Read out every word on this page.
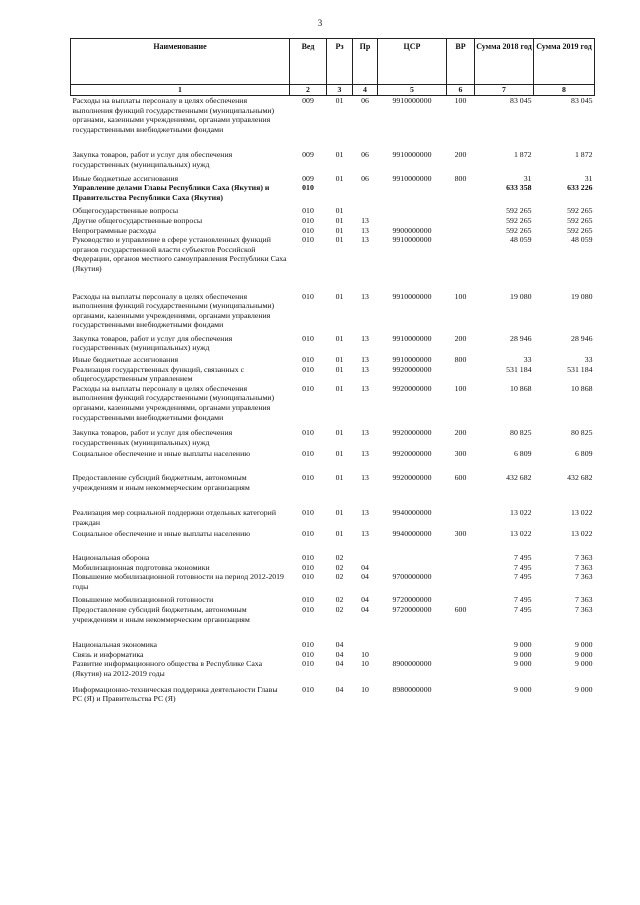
3
Наименование	Вед	Рз	Пр	ЦСР	ВР	Сумма 2018 год	Сумма 2019 год
1	2	3	4	5	6	7	8
Расходы на выплаты персоналу в целях обеспечения выполнения функций государственными (муниципальными) органами, казенными учреждениями, органами управления государственными внебюджетными фондами	009	01	06	9910000000	100	83 045	83 045

Закупка товаров, работ и услуг для обеспечения государственных (муниципальных) нужд	009	01	06	9910000000	200	1 872	1 872

Иные бюджетные ассигнования	009	01	06	9910000000	800	31	31
Управление делами Главы Республики Саха (Якутия) и Правительства Республики Саха (Якутия)	010					633 358	633 226

Общегосударственные вопросы	010	01				592 265	592 265
Другие общегосударственные вопросы	010	01	13			592 265	592 265
Непрограммные расходы	010	01	13	9900000000		592 265	592 265
Руководство и управление в сфере установленных функций органов государственной власти субъектов Российской Федерации, органов местного самоуправления Республики Саха (Якутия)	010	01	13	9910000000		48 059	48 059

Расходы на выплаты персоналу в целях обеспечения выполнения функций государственными (муниципальными) органами, казенными учреждениями, органами управления государственными внебюджетными фондами	010	01	13	9910000000	100	19 080	19 080

Закупка товаров, работ и услуг для обеспечения государственных (муниципальных) нужд	010	01	13	9910000000	200	28 946	28 946

Иные бюджетные ассигнования	010	01	13	9910000000	800	33	33
Реализация государственных функций, связанных с общегосударственным управлением	010	01	13	9920000000		531 184	531 184
Расходы на выплаты персоналу в целях обеспечения выполнения функций государственными (муниципальными) органами, казенными учреждениями, органами управления государственными внебюджетными фондами	010	01	13	9920000000	100	10 868	10 868

Закупка товаров, работ и услуг для обеспечения государственных (муниципальных) нужд	010	01	13	9920000000	200	80 825	80 825

Социальное обеспечение и иные выплаты населению	010	01	13	9920000000	300	6 809	6 809

Предоставление субсидий бюджетным, автономным учреждениям и иным некоммерческим организациям	010	01	13	9920000000	600	432 682	432 682

Реализация мер социальной поддержки отдельных категорий граждан	010	01	13	9940000000		13 022	13 022

Социальное обеспечение и иные выплаты населению	010	01	13	9940000000	300	13 022	13 022

Национальная оборона	010	02				7 495	7 363
Мобилизационная подготовка экономики	010	02	04			7 495	7 363
Повышение мобилизационной готовности на период 2012-2019 годы	010	02	04	9700000000		7 495	7 363

Повышение мобилизационной готовности	010	02	04	9720000000		7 495	7 363
Предоставление субсидий бюджетным, автономным учреждениям и иным некоммерческим организациям	010	02	04	9720000000	600	7 495	7 363

Национальная экономика	010	04				9 000	9 000
Связь и информатика	010	04	10			9 000	9 000
Развитие информационного общества в Республике Саха (Якутия) на 2012-2019 годы	010	04	10	8900000000		9 000	9 000

Информационно-техническая поддержка деятельности Главы РС (Я) и Правительства РС (Я)	010	04	10	8980000000		9 000	9 000
